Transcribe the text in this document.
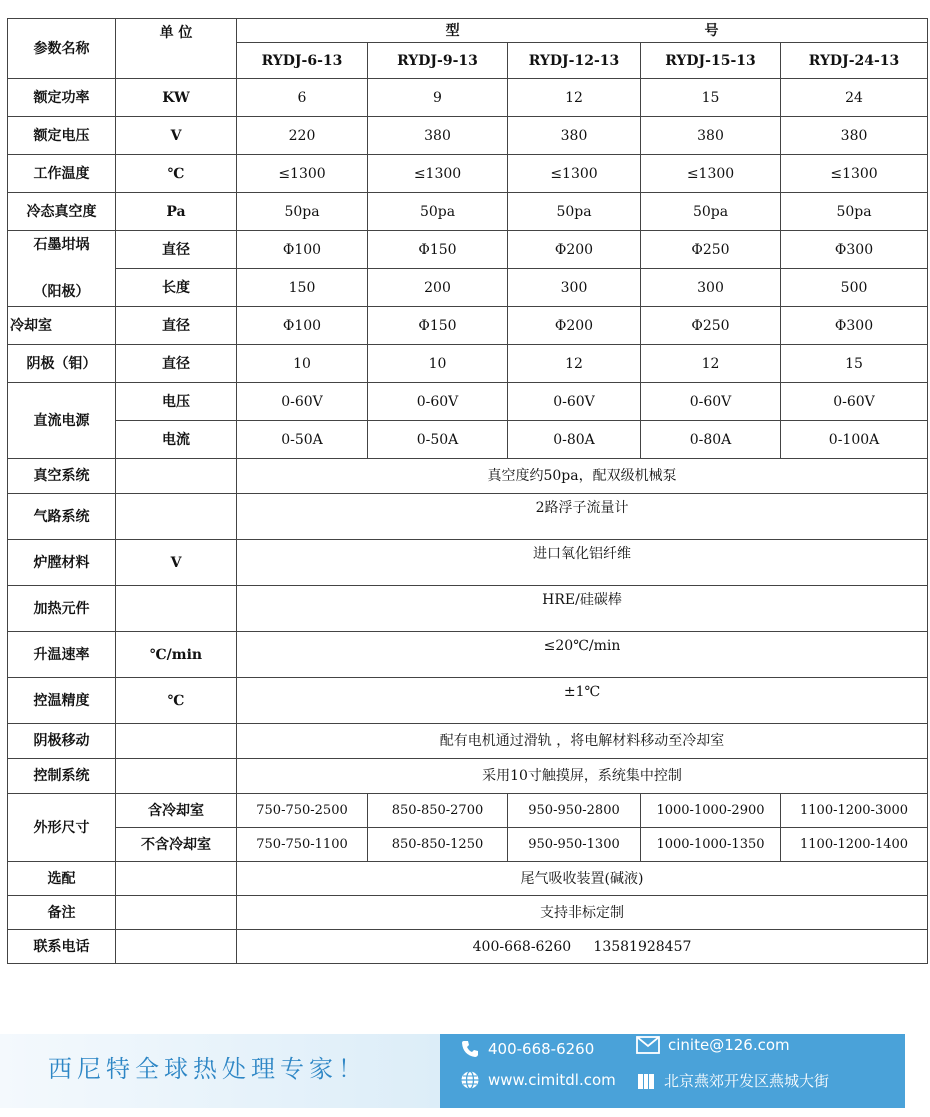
参数名称	单 位	型 号				
		RYDJ-6-13	RYDJ-9-13	RYDJ-12-13	RYDJ-15-13	RYDJ-24-13
额定功率	KW	6	9	12	15	24
额定电压	V	220	380	380	380	380
工作温度	℃	≤1300	≤1300	≤1300	≤1300	≤1300
冷态真空度	Pa	50pa	50pa	50pa	50pa	50pa
石墨坩埚	直径	Φ100	Φ150	Φ200	Φ250	Φ300
（阳极）	长度	150	200	300	300	500
冷却室	直径	Φ100	Φ150	Φ200	Φ250	Φ300
阴极（钼）	直径	10	10	12	12	15
直流电源	电压	0-60V	0-60V	0-60V	0-60V	0-60V
	电流	0-50A	0-50A	0-80A	0-80A	0-100A
真空系统		真空度约50pa，配双级机械泵				
气路系统		2路浮子流量计				
炉膛材料	V	进口氧化铝纤维				
加热元件		HRE/硅碳棒				
升温速率	℃/min	≤20℃/min				
控温精度	℃	±1℃				
阴极移动		配有电机通过滑轨 ，将电解材料移动至冷却室				
控制系统		采用10寸触摸屏，系统集中控制				
外形尺寸	含冷却室	750-750-2500	850-850-2700	950-950-2800	1000-1000-2900	1100-1200-3000
	不含冷却室	750-750-1100	850-850-1250	950-950-1300	1000-1000-1350	1100-1200-1400
选配		尾气吸收装置(碱液)				
备注		支持非标定制				
联系电话		400-668-6260     13581928457				
西尼特全球热处理专家！
400-668-6260	cinite@126.com
www.cimitdl.com	北京燕郊开发区燕城大街
